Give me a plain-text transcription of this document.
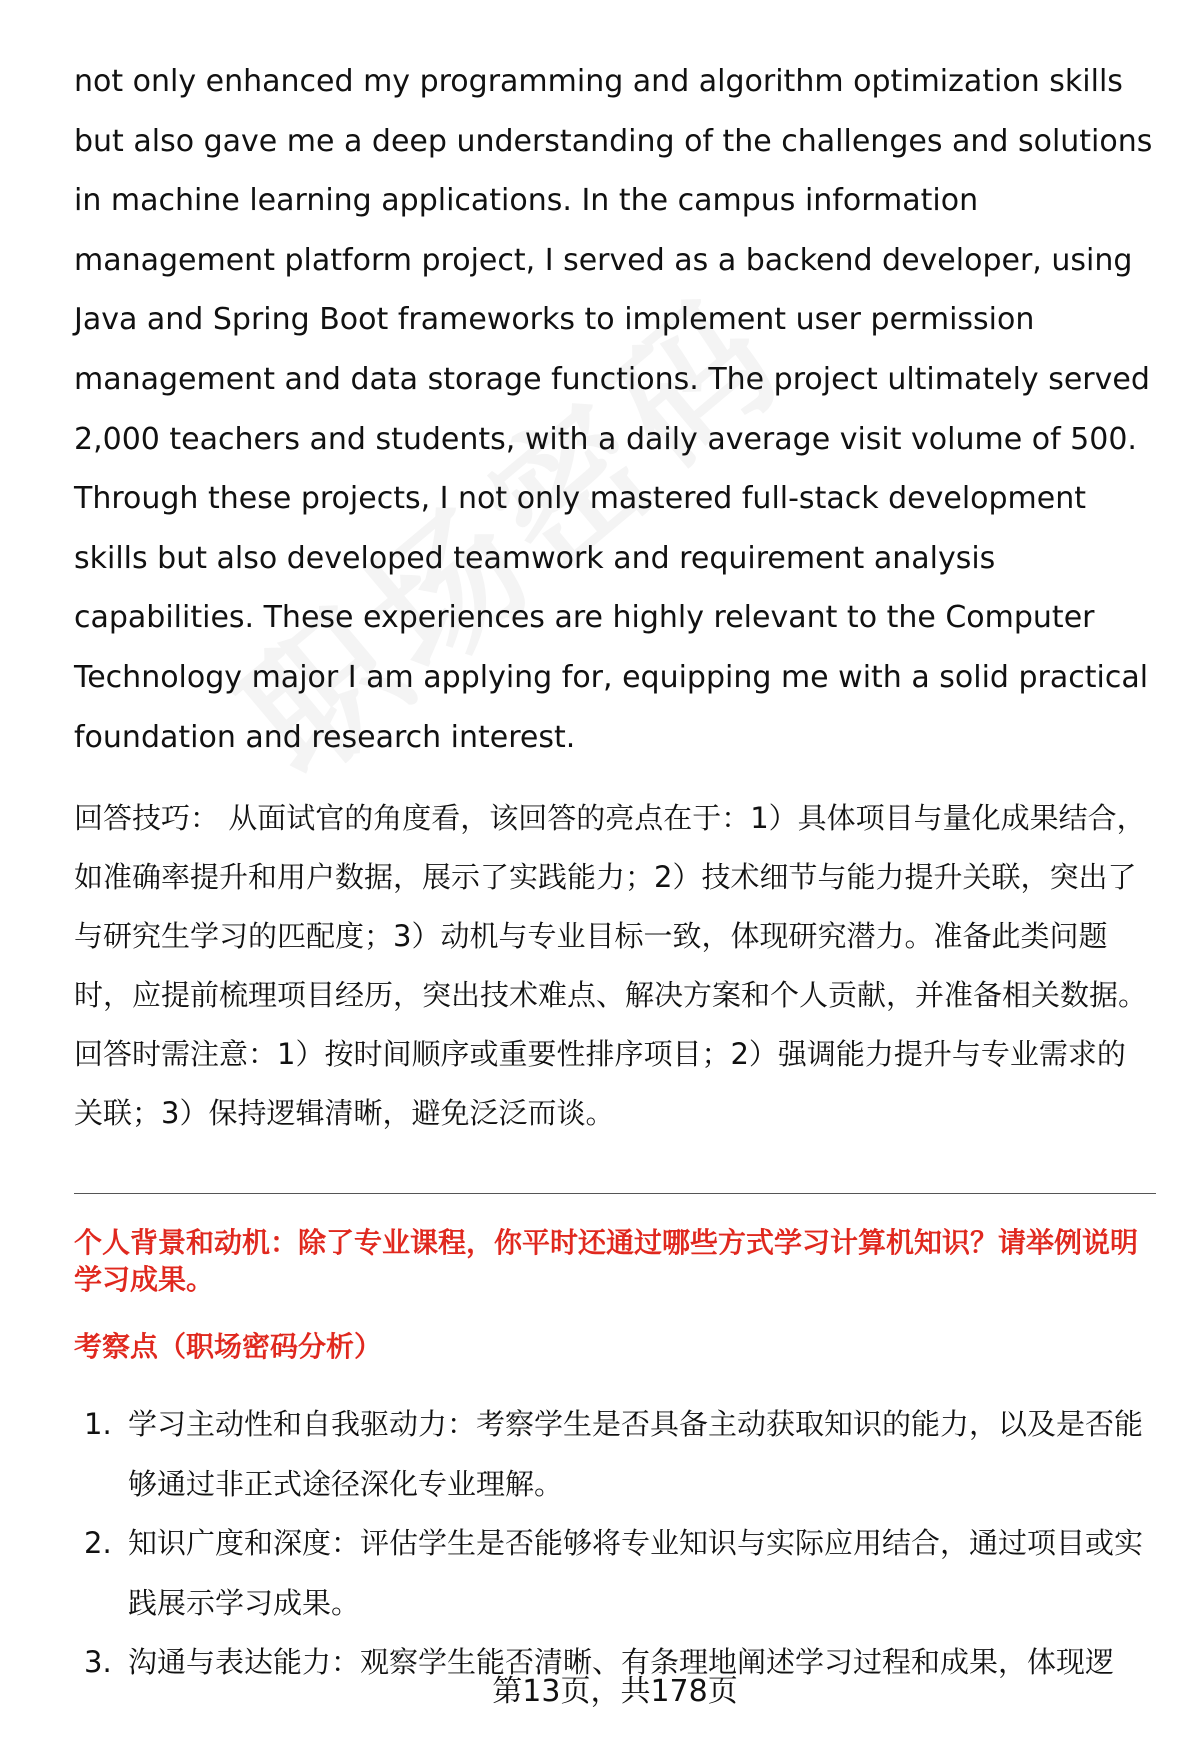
not only enhanced my programming and algorithm optimization skills but also gave me a deep understanding of the challenges and solutions in machine learning applications. In the campus information management platform project, I served as a backend developer, using Java and Spring Boot frameworks to implement user permission management and data storage functions. The project ultimately served 2,000 teachers and students, with a daily average visit volume of 500. Through these projects, I not only mastered full-stack development skills but also developed teamwork and requirement analysis capabilities. These experiences are highly relevant to the Computer Technology major I am applying for, equipping me with a solid practical foundation and research interest.

回答技巧： 从面试官的角度看，该回答的亮点在于：1）具体项目与量化成果结合，如准确率提升和用户数据，展示了实践能力；2）技术细节与能力提升关联，突出了与研究生学习的匹配度；3）动机与专业目标一致，体现研究潜力。准备此类问题时，应提前梳理项目经历，突出技术难点、解决方案和个人贡献，并准备相关数据。回答时需注意：1）按时间顺序或重要性排序项目；2）强调能力提升与专业需求的关联；3）保持逻辑清晰，避免泛泛而谈。

个人背景和动机：除了专业课程，你平时还通过哪些方式学习计算机知识？请举例说明学习成果。
考察点（职场密码分析）
1. 学习主动性和自我驱动力：考察学生是否具备主动获取知识的能力，以及是否能够通过非正式途径深化专业理解。
2. 知识广度和深度：评估学生是否能够将专业知识与实际应用结合，通过项目或实践展示学习成果。
3. 沟通与表达能力：观察学生能否清晰、有条理地阐述学习过程和成果，体现逻
第13页，共178页
